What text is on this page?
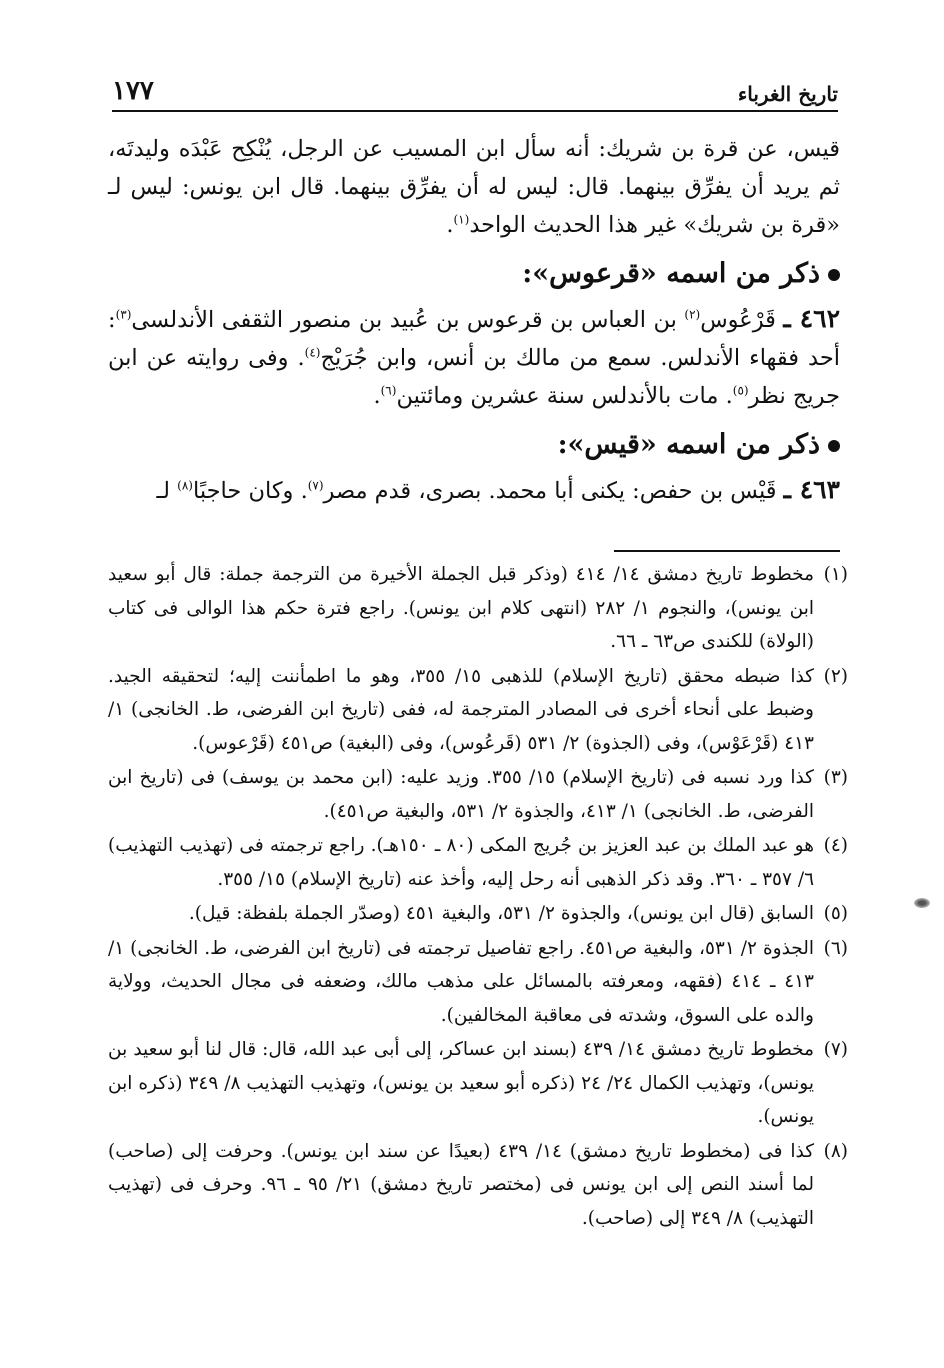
تاريخ الغرباء
١٧٧

قيس، عن قرة بن شريك: أنه سأل ابن المسيب عن الرجل، يُنْكِح عَبْدَه وليدتَه، ثم يريد أن يفرِّق بينهما. قال: ليس له أن يفرِّق بينهما. قال ابن يونس: ليس لـ «قرة بن شريك» غير هذا الحديث الواحد$^{(١)}$.

ذكر من اسمه «قرعوس»:

٤٦٢ ـ قَرْعُوس$^{(٢)}$ بن العباس بن قرعوس بن عُبيد بن منصور الثقفى الأندلسى$^{(٣)}$: أحد فقهاء الأندلس. سمع من مالك بن أنس، وابن جُرَيْج$^{(٤)}$. وفى روايته عن ابن جريج نظر$^{(٥)}$. مات بالأندلس سنة عشرين ومائتين$^{(٦)}$.

ذكر من اسمه «قيس»:

٤٦٣ ـ قَيْس بن حفص: يكنى أبا محمد. بصرى، قدم مصر$^{(٧)}$. وكان حاجبًا$^{(٨)}$ لـ

(١)مخطوط تاريخ دمشق ١٤/ ٤١٤ (وذكر قبل الجملة الأخيرة من الترجمة جملة: قال أبو سعيد ابن يونس)، والنجوم ١/ ٢٨٢ (انتهى كلام ابن يونس). راجع فترة حكم هذا الوالى فى كتاب (الولاة) للكندى ص٦٣ ـ ٦٦.

(٢)كذا ضبطه محقق (تاريخ الإسلام) للذهبى ١٥/ ٣٥٥، وهو ما اطمأننت إليه؛ لتحقيقه الجيد. وضبط على أنحاء أخرى فى المصادر المترجمة له، ففى (تاريخ ابن الفرضى، ط. الخانجى) ١/ ٤١٣ (قَرْعَوْس)، وفى (الجذوة) ٢/ ٥٣١ (قَرعُوس)، وفى (البغية) ص٤٥١ (قَرْعوس).

(٣)كذا ورد نسبه فى (تاريخ الإسلام) ١٥/ ٣٥٥. وزيد عليه: (ابن محمد بن يوسف) فى (تاريخ ابن الفرضى، ط. الخانجى) ١/ ٤١٣، والجذوة ٢/ ٥٣١، والبغية ص٤٥١).

(٤)هو عبد الملك بن عبد العزيز بن جُريج المكى (٨٠ ـ ١٥٠هـ). راجع ترجمته فى (تهذيب التهذيب) ٦/ ٣٥٧ ـ ٣٦٠. وقد ذكر الذهبى أنه رحل إليه، وأخذ عنه (تاريخ الإسلام) ١٥/ ٣٥٥.

(٥)السابق (قال ابن يونس)، والجذوة ٢/ ٥٣١، والبغية ٤٥١ (وصدّر الجملة بلفظة: قيل).

(٦)الجذوة ٢/ ٥٣١، والبغية ص٤٥١. راجع تفاصيل ترجمته فى (تاريخ ابن الفرضى، ط. الخانجى) ١/ ٤١٣ ـ ٤١٤ (فقهه، ومعرفته بالمسائل على مذهب مالك، وضعفه فى مجال الحديث، وولاية والده على السوق، وشدته فى معاقبة المخالفين).

(٧)مخطوط تاريخ دمشق ١٤/ ٤٣٩ (بسند ابن عساكر، إلى أبى عبد الله، قال: قال لنا أبو سعيد بن يونس)، وتهذيب الكمال ٢٤/ ٢٤ (ذكره أبو سعيد بن يونس)، وتهذيب التهذيب ٨/ ٣٤٩ (ذكره ابن يونس).

(٨)كذا فى (مخطوط تاريخ دمشق) ١٤/ ٤٣٩ (بعيدًا عن سند ابن يونس). وحرفت إلى (صاحب) لما أسند النص إلى ابن يونس فى (مختصر تاريخ دمشق) ٢١/ ٩٥ ـ ٩٦. وحرف فى (تهذيب التهذيب) ٨/ ٣٤٩ إلى (صاحب).
